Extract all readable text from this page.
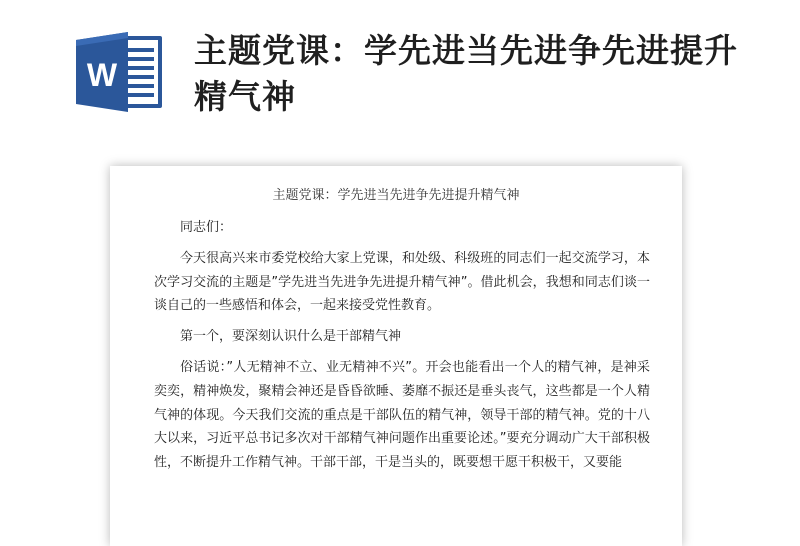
W
主题党课：学先进当先进争先进提升精气神

主题党课：学先进当先进争先进提升精气神

同志们：

今天很高兴来市委党校给大家上党课，和处级、科级班的同志们一起交流学习，本次学习交流的主题是”学先进当先进争先进提升精气神”。借此机会，我想和同志们谈一谈自己的一些感悟和体会，一起来接受党性教育。

第一个，要深刻认识什么是干部精气神

俗话说：”人无精神不立、业无精神不兴”。开会也能看出一个人的精气神，是神采奕奕，精神焕发，聚精会神还是昏昏欲睡、萎靡不振还是垂头丧气，这些都是一个人精气神的体现。今天我们交流的重点是干部队伍的精气神，领导干部的精气神。党的十八大以来，习近平总书记多次对干部精气神问题作出重要论述。”要充分调动广大干部积极性，不断提升工作精气神。干部干部，干是当头的，既要想干愿干积极干，又要能
